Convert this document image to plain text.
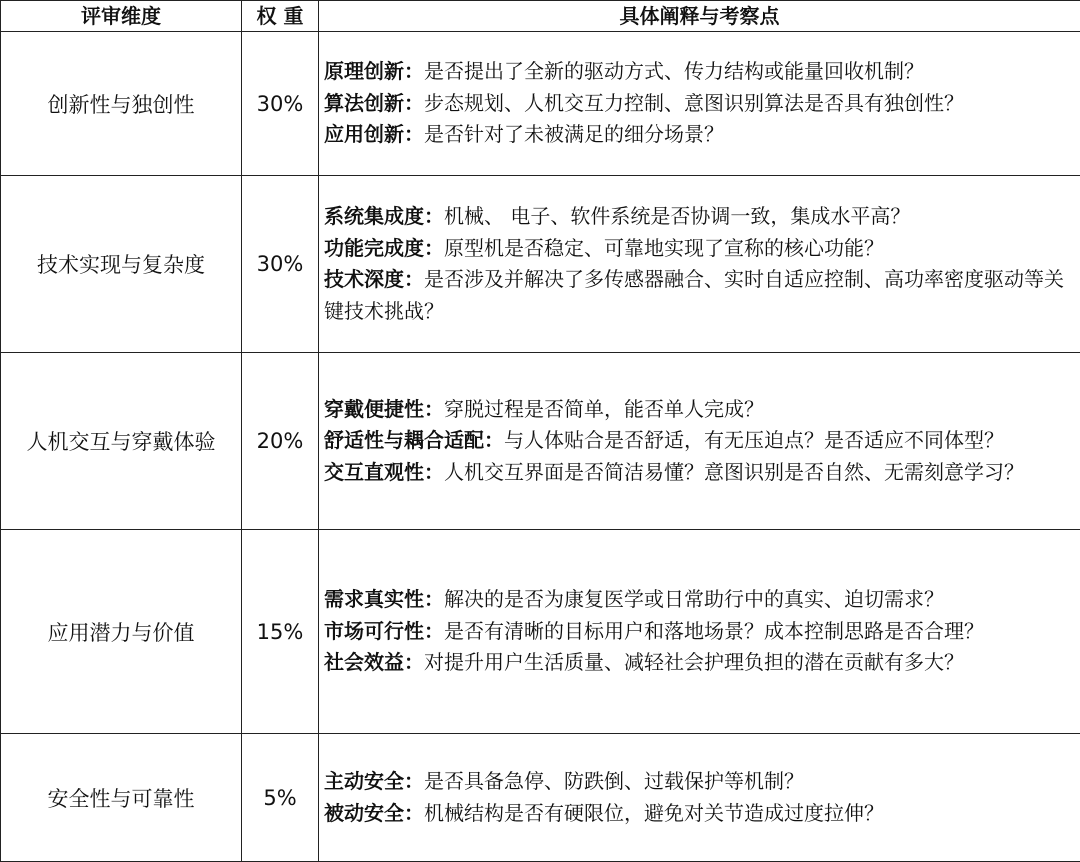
评审维度	权 重	具体阐释与考察点
创新性与独创性	30%	原理创新：是否提出了全新的驱动方式、传力结构或能量回收机制？
算法创新：步态规划、人机交互力控制、意图识别算法是否具有独创性？
应用创新：是否针对了未被满足的细分场景？

技术实现与复杂度	30%	系统集成度：机械、 电子、软件系统是否协调一致，集成水平高？
功能完成度：原型机是否稳定、可靠地实现了宣称的核心功能？
技术深度：是否涉及并解决了多传感器融合、实时自适应控制、高功率密度驱动等关键技术挑战？

人机交互与穿戴体验	20%	穿戴便捷性：穿脱过程是否简单，能否单人完成？
舒适性与耦合适配：与人体贴合是否舒适，有无压迫点？是否适应不同体型？
交互直观性：人机交互界面是否简洁易懂？意图识别是否自然、无需刻意学习？

应用潜力与价值	15%	需求真实性：解决的是否为康复医学或日常助行中的真实、迫切需求？
市场可行性：是否有清晰的目标用户和落地场景？成本控制思路是否合理？
社会效益：对提升用户生活质量、减轻社会护理负担的潜在贡献有多大？

安全性与可靠性	5%	主动安全：是否具备急停、防跌倒、过载保护等机制？
被动安全：机械结构是否有硬限位，避免对关节造成过度拉伸？
